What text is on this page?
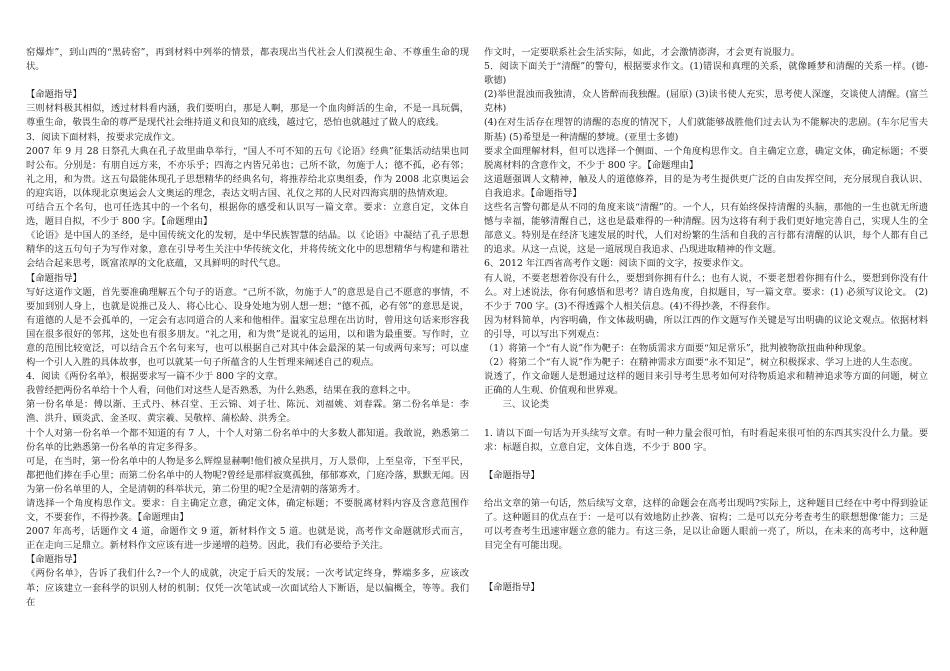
窑爆炸”，到山西的“黑砖窑”，再到材料中列举的情景，都表现出当代社会人们漠视生命、不尊重生命的现状。

【命题指导】

三则材料极其相似，透过材料看内涵，我们要明白，那是人啊，那是一个血肉鲜活的生命，不是一具玩偶，尊重生命，敬畏生命的尊严是现代社会维持道义和良知的底线，越过它，恐怕也就越过了做人的底线。

3．阅读下面材料，按要求完成作文。

2007 年 9 月 28 日祭孔大典在孔子故里曲阜举行，“国人不可不知的五句《论语》经典”征集活动结果也同时公布。分别是：有朋自远方来，不亦乐乎；四海之内皆兄弟也；己所不欲，勿施于人；德不孤，必有邻；礼之用，和为贵。这五句最能体现孔子思想精华的经典名句，将推荐给北京奥组委，作为 2008 北京奥运会的迎宾语，以体现北京奥运会人文奥运的理念，表达文明古国、礼仪之邦的人民对四海宾朋的热情欢迎。

可结合五个名句，也可任选其中的一个名句，根据你的感受和认识写一篇文章。要求：立意自定，文体自选，题目自拟，不少于 800 字。【命题理由】

《论语》是中国人的圣经，是中国传统文化的发轫，是中华民族智慧的结晶。以《论语》中凝结了孔子思想精华的这五句句子为写作对象，意在引导考生关注中华传统文化，并将传统文化中的思想精华与构建和谐社会结合起来思考，既富浓厚的文化底蕴，又具鲜明的时代气息。

【命题指导】

写好这道作文题，首先要准确理解五个句子的语意。“己所不欲，勿施于人”的意思是自己不愿意的事情，不要加到别人身上，也就是说推己及人、将心比心、设身处地为别人想一想；“德不孤，必有邻”的意思是说，有道德的人是不会孤单的，一定会有志同道合的人来和他相伴。温家宝总理在出访时，曾用这句话来形容我国在很多很好的邻邦，这处也有很多朋友。“礼之用，和为贵”是说礼的运用，以和谐为最重要。写作时，立意的范围比较宽泛，可以结合五个名句来写，也可以根据自己对其中体会最深的某一句或两句来写；可以虚构一个引人入胜的具体故事，也可以就某一句子所蕴含的人生哲理来阐述自己的观点。

4．阅读《两份名单》，根据要求写一篇不少于 800 字的文章。

我曾经把两份名单给十个人看，问他们对这些人是否熟悉，为什么熟悉，结果在我的意料之中。

第一份名单是：傅以渐、王式丹、林召堂、王云锦、刘子壮、陈沅、刘福姚、刘春霖。第二份名单是：李渔、洪升、顾炎武、金圣叹、黄宗羲、吴敬梓、蒲松龄、洪秀全。

十个人对第一份名单一个都不知道的有 7 人，十个人对第二份名单中的大多数人都知道。我敢说，熟悉第二份名单的比熟悉第一份名单的肯定多得多。

可是，在当时，第一份名单中的人物是多么辉煌显赫啊!他们被众星拱月，万人景仰，上至皇帝，下至平民，都把他们捧在手心里；而第二份名单中的人物呢?曾经是那样寂寞孤独，郁郁寡欢，门庭冷落，默默无闻。因为第一份名单里的人，全是清朝的科举状元，第二份里的呢?全是清朝的落第秀才。

请选择一个角度构思作文。要求：自主确定立意，确定文体，确定标题；不要脱离材料内容及含意范围作文，不要套作，不得抄袭。【命题理由】

2007 年高考，话题作文 4 道，命题作文 9 道，新材料作文 5 道。也就是说，高考作文命题就形式而言，正在走向三足鼎立。新材料作文应该有进一步递增的趋势。因此，我们有必要给予关注。

【命题指导】

《两份名单》，告诉了我们什么?一个人的成就，决定于后天的发展；一次考试定终身，弊端多多，应该改革；应该建立一套科学的识别人材的机制；仅凭一次笔试或一次面试给人下断语，是以偏概全，等等。我们在

作文时，一定要联系社会生活实际，如此，才会激情澎湃，才会更有说服力。

5．阅读下面关于“清醒”的警句，根据要求作文。(1)错误和真理的关系，就像睡梦和清醒的关系一样。(德-歌德)

(2)举世混浊而我独清，众人皆醉而我独醒。(屈原) (3)读书使人充实，思考使人深邃，交谈使人清醒。(富兰克林)

(4)在对生活存在理智的清醒的态度的情况下，人们就能够战胜他们过去认为不能解决的悲剧。(车尔尼雪夫斯基) (5)希望是一种清醒的梦境。(亚里士多德)

要求全面理解材料，但可以选择一个侧面、一个角度构思作文。自主确定立意，确定文体，确定标题；不要脱离材料的含意作文，不少于 800 字。【命题理由】

这道题强调人文精神，触及人的道德修养，目的是为考生提供更广泛的自由发挥空间，充分展现自我认识、自我追求。【命题指导】

这些名言警句都是从不同的角度来谈“清醒”的。一个人，只有始终保持清醒的头脑，那他的一生也就无所遗憾与幸福，能够清醒自己，这也是最难得的一种清醒。因为这将有利于我们更好地完善自己，实现人生的全部意义。特别是在经济飞速发展的时代，人们对纷繁的生活和自我的言行都有清醒的认识，每个人都有自己的追求。从这一点说，这是一道展现自我追求、凸现进取精神的作文题。

6、2012 年江西省高考作文题：阅读下面的文字，按要求作文。

有人说，不要老想着你没有什么，要想到你拥有什么；也有人说，不要老想着你拥有什么，要想到你没有什么。对上述说法，你有何感悟和思考？请自选角度，自拟题目，写一篇文章。要求：(1) 必须写议论文。 (2) 不少于 700 字。(3)不得透露个人相关信息。(4)不得抄袭，不得套作。

因为材料简单，内容明确，作文体裁明确，所以江西的作文题写作关键是写出明确的议论文观点。依据材料的引导，可以写出下列观点：

（1）将第一个“有人说”作为靶子：在物质需求方面要“知足常乐”，批判被物欲扭曲种种现象。

（2）将第二个“有人说”作为靶子：在精神需求方面要“永不知足”，树立积极探求、学习上进的人生态度。

说透了，作文命题人是想通过这样的题目来引导考生思考如何对待物质追求和精神追求等方面的问题，树立正确的人生观、价值观和世界观。

　　三、议论类

1. 请以下面一句话为开头续写文章。有时一种力量会很可怕，有时看起来很可怕的东西其实没什么力量。要求：标题自拟，立意自定，文体自选，不少于 800 字。

【命题指导】

给出文章的第一句话，然后续写文章，这样的命题会在高考出现吗?实际上，这种题目已经在中考中得到验证了。这种题目的优点在于：一是可以有效地防止抄袭、宿构；二是可以充分考查考生的联想想像‘能力；三是可以考查考生迅速审题立意的能力。有这三条，足以让命题人眼前一亮了，所以，在未来的高考中，这种题目完全有可能出现。

【命题指导】
